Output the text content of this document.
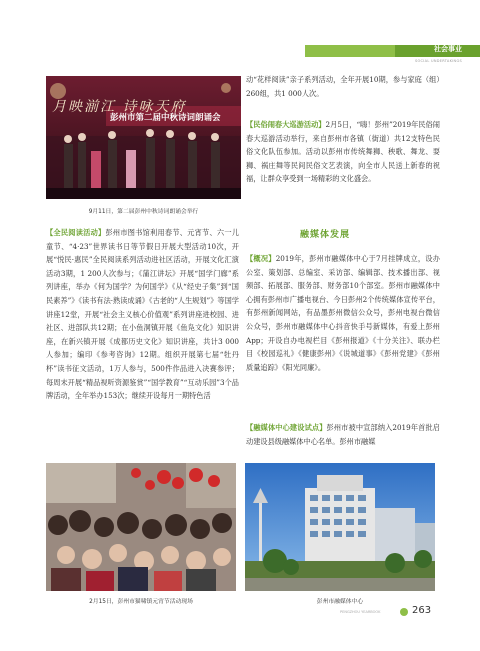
社会事业
SOCIAL UNDERTAKINGS
月映湔江 诗咏天府
彭州市第二届中秋诗词朗诵会
9月11日，第二届彭州中秋诗词朗诵会举行
【全民阅读活动】彭州市图书馆利用春节、元宵节、六一儿童节、“4·23”世界读书日等节假日开展大型活动10次，开展“悦民·惠民”全民阅读系列活动进社区活动，开展文化汇演活动3期，1 200人次参与；《蒲江讲坛》开展“国学门廊”系列讲座，举办《何为国学？为何国学》《从“经史子集”到“国民素养”》《读书有法·熟读成诵》《古老的“人生规划”》等国学讲座12堂，开展“社会主义核心价值观”系列讲座进校园、进社区、进部队共12期；在小鱼洞镇开展《鱼凫文化》知识讲座，在新兴镇开展《成都历史文化》知识讲座，共计3 000人参加；编印《参考咨询》12期。组织开展第七届“牡丹杯”读书征文活动，1万人参与，500件作品进入决赛参评；每周末开展“精品视听资源鉴赏”“国学教育”“互动乐园”3个品牌活动，全年举办153次；继续开设每月一期特色活
动“花样阅读”亲子系列活动，全年开展10期，参与家庭（组）260组，共1 000人次。
【民俗闹春大巡游活动】2月5日，“嗨！彭州”2019年民俗闹春大巡游活动举行，来自彭州市各镇（街道）共12支特色民俗文化队伍参加。活动以彭州市传统舞狮、秧歌、舞龙、耍狮、祸庄舞等民间民俗文艺表演，向全市人民送上新春的祝福，让群众享受到一场精彩的文化盛会。
融媒体发展
【概况】2019年，彭州市融媒体中心于7月挂牌成立，设办公室、策划部、总编室、采访部、编辑部、技术播出部、视频部、拓展部、服务部、财务部10个部室。彭州市融媒体中心拥有彭州市广播电视台、今日彭州2个传统媒体宣传平台，有彭州新闻网站，有品墨彭州微信公众号，彭州电视台微信公众号，彭州市融媒体中心抖音快手号新媒体，有爱上彭州App；开设自办电视栏目《彭州报道》《十分关注》、联办栏目《校园巡礼》《健康彭州》《说城道事》《彭州党建》《彭州质量追踪》《阳光同廉》。
【融媒体中心建设试点】彭州市被中宣部纳入2019年首批启动建设县级融媒体中心名单。彭州市融媒
2月15日，彭州市猫啸镇元宵节活动现场	彭州市融媒体中心
PENGZHOU YEARBOOK	263
